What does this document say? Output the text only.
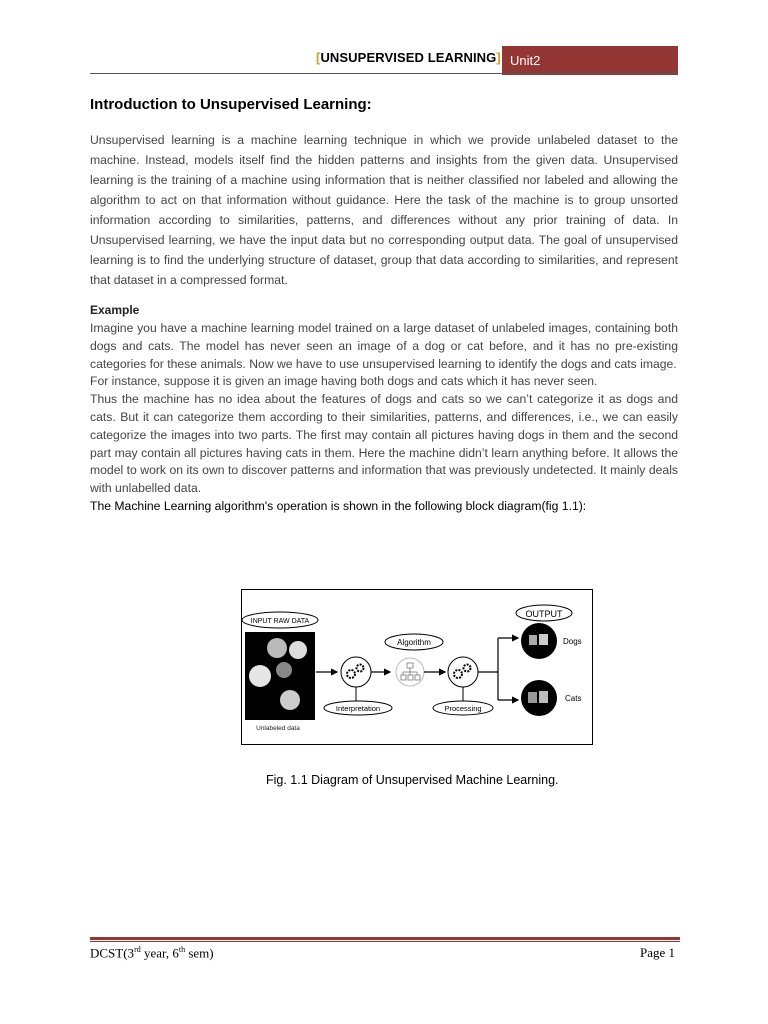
[UNSUPERVISED LEARNING] Unit2
Introduction to Unsupervised Learning:

Unsupervised learning is a machine learning technique in which we provide unlabeled dataset to the machine. Instead, models itself find the hidden patterns and insights from the given data. Unsupervised learning is the training of a machine using information that is neither classified nor labeled and allowing the algorithm to act on that information without guidance. Here the task of the machine is to group unsorted information according to similarities, patterns, and differences without any prior training of data. In Unsupervised learning, we have the input data but no corresponding output data. The goal of unsupervised learning is to find the underlying structure of dataset, group that data according to similarities, and represent that dataset in a compressed format.

Example
Imagine you have a machine learning model trained on a large dataset of unlabeled images, containing both dogs and cats. The model has never seen an image of a dog or cat before, and it has no pre-existing categories for these animals. Now we have to use unsupervised learning to identify the dogs and cats image.
For instance, suppose it is given an image having both dogs and cats which it has never seen.
Thus the machine has no idea about the features of dogs and cats so we can’t categorize it as dogs and cats. But it can categorize them according to their similarities, patterns, and differences, i.e., we can easily categorize the images into two parts. The first may contain all pictures having dogs in them and the second part may contain all pictures having cats in them. Here the machine didn’t learn anything before. It allows the model to work on its own to discover patterns and information that was previously undetected. It mainly deals with unlabelled data.
The Machine Learning algorithm's operation is shown in the following block diagram(fig 1.1):
INPUT RAW DATA
Unlabeled data
Interpretation
Algorithm
Processing
OUTPUT
Dogs
Cats
Fig. 1.1 Diagram of Unsupervised Machine Learning.
DCST(3rd year, 6th sem)	Page 1
